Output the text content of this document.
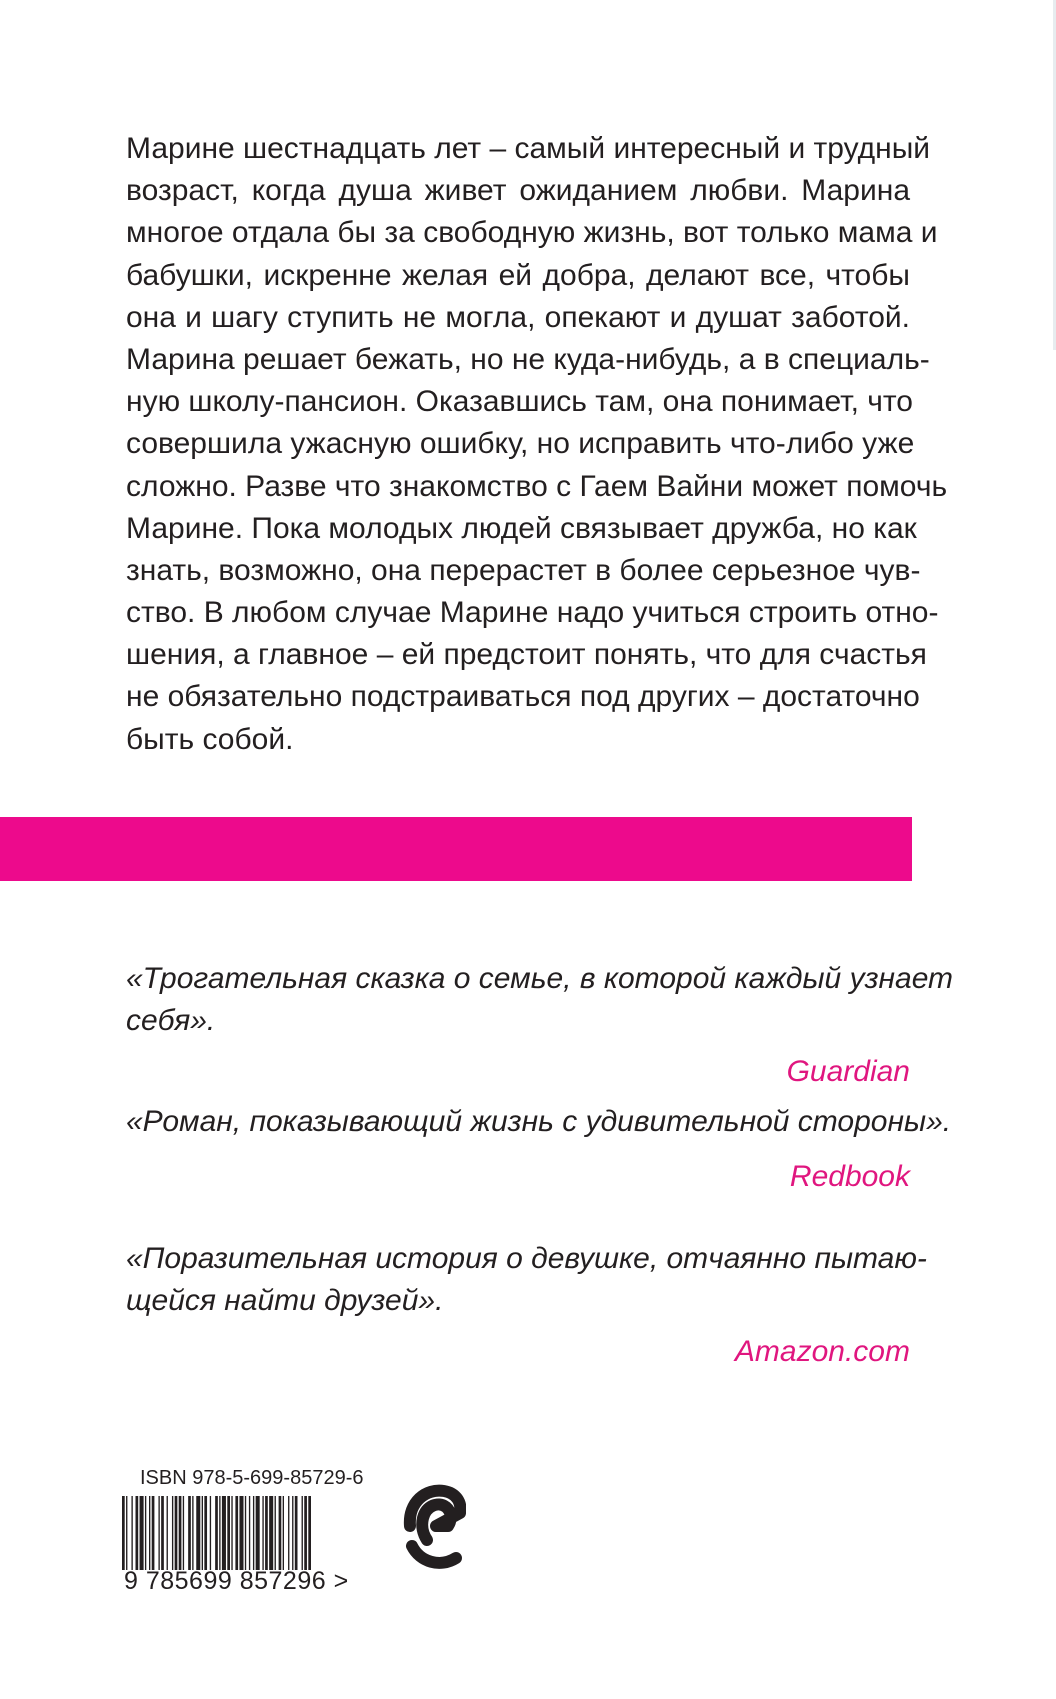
Марине шестнадцать лет – самый интересный и трудный
возраст, когда душа живет ожиданием любви. Марина
многое отдала бы за свободную жизнь, вот только мама и
бабушки, искренне желая ей добра, делают все, чтобы
она и шагу ступить не могла, опекают и душат заботой.
Марина решает бежать, но не куда-нибудь, а в специаль-
ную школу-пансион. Оказавшись там, она понимает, что
совершила ужасную ошибку, но исправить что-либо уже
сложно. Разве что знакомство с Гаем Вайни может помочь
Марине. Пока молодых людей связывает дружба, но как
знать, возможно, она перерастет в более серьезное чув-
ство. В любом случае Марине надо учиться строить отно-
шения, а главное – ей предстоит понять, что для счастья
не обязательно подстраиваться под других – достаточно
быть собой.
«Трогательная сказка о семье, в которой каждый узнает
себя».
Guardian
«Роман, показывающий жизнь с удивительной стороны».
Redbook
«Поразительная история о девушке, отчаянно пытаю-
щейся найти друзей».
Amazon.com
ISBN 978-5-699-85729-6
9 785699 857296 >
